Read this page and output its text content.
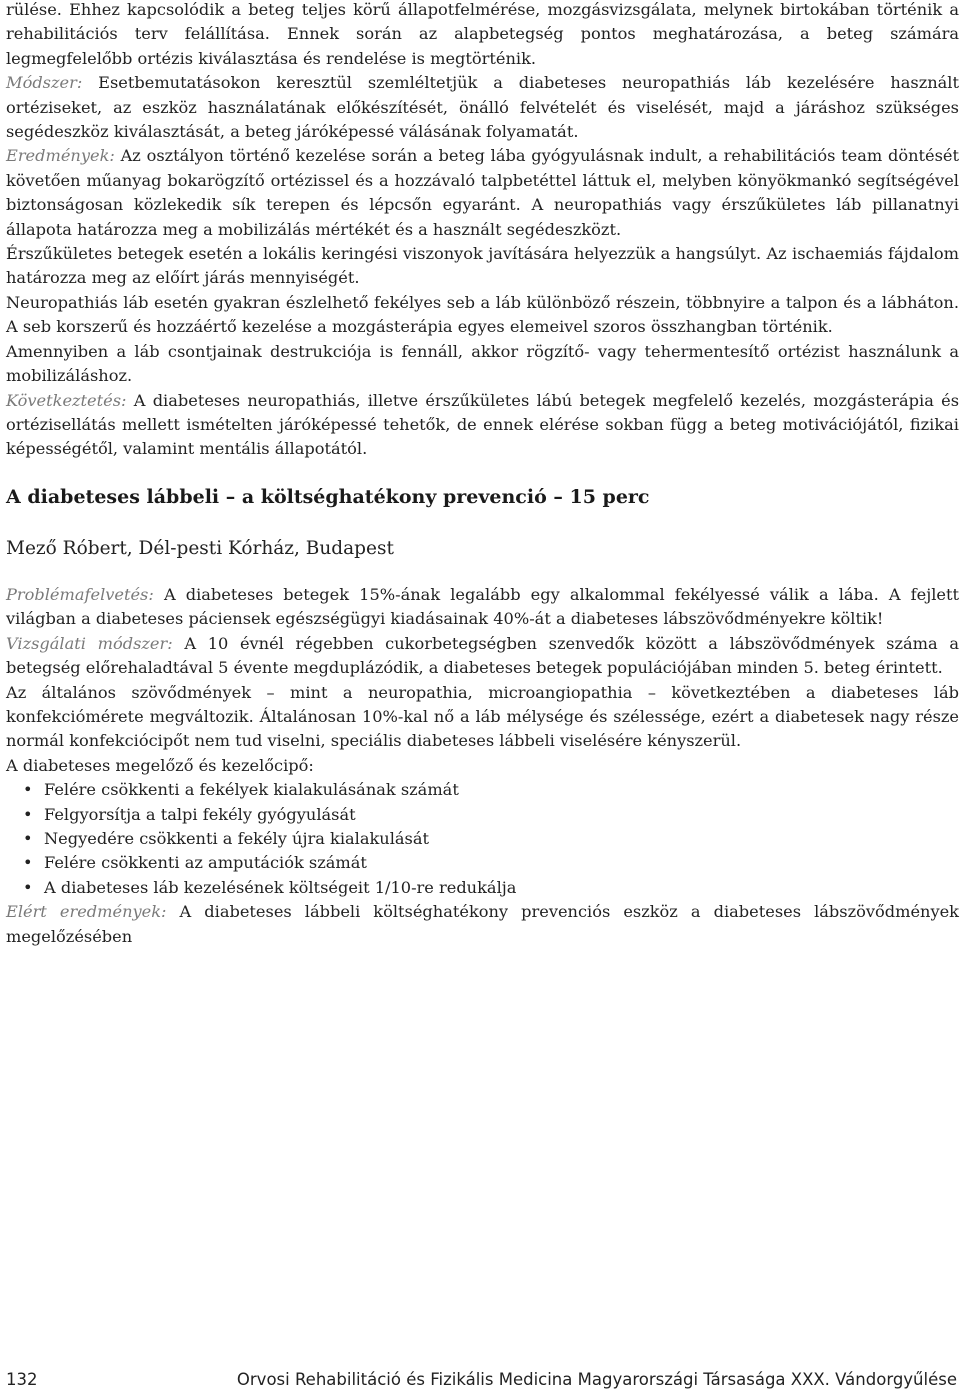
rülése. Ehhez kapcsolódik a beteg teljes körű állapotfelmérése, mozgásvizsgálata, melynek birtokában történik a rehabilitációs terv felállítása. Ennek során az alapbetegség pontos meghatározása, a beteg számára legmegfelelőbb ortézis kiválasztása és rendelése is megtörténik.

Módszer: Esetbemutatásokon keresztül szemléltetjük a diabeteses neuropathiás láb kezelésére használt ortéziseket, az eszköz használatának előkészítését, önálló felvételét és viselését, majd a járáshoz szükséges segédeszköz kiválasztását, a beteg járóképessé válásának folyamatát.

Eredmények: Az osztályon történő kezelése során a beteg lába gyógyulásnak indult, a rehabilitációs team döntését követően műanyag bokarögzítő ortézissel és a hozzávaló talpbetéttel láttuk el, melyben könyökmankó segítségével biztonságosan közlekedik sík terepen és lépcsőn egyaránt. A neuropathiás vagy érszűkületes láb pillanatnyi állapota határozza meg a mobilizálás mértékét és a használt segédeszközt.

Érszűkületes betegek esetén a lokális keringési viszonyok javítására helyezzük a hangsúlyt. Az ischaemiás fájdalom határozza meg az előírt járás mennyiségét.

Neuropathiás láb esetén gyakran észlelhető fekélyes seb a láb különböző részein, többnyire a talpon és a lábháton. A seb korszerű és hozzáértő kezelése a mozgásterápia egyes elemeivel szoros összhangban történik.

Amennyiben a láb csontjainak destrukciója is fennáll, akkor rögzítő- vagy tehermentesítő ortézist használunk a mobilizáláshoz.

Következtetés: A diabeteses neuropathiás, illetve érszűkületes lábú betegek megfelelő kezelés, mozgásterápia és ortézisellátás mellett ismételten járóképessé tehetők, de ennek elérése sokban függ a beteg motivációjától, fizikai képességétől, valamint mentális állapotától.

A diabeteses lábbeli – a költséghatékony prevenció – 15 perc

Mező Róbert, Dél-pesti Kórház, Budapest

Problémafelvetés: A diabeteses betegek 15%-ának legalább egy alkalommal fekélyessé válik a lába. A fejlett világban a diabeteses páciensek egészségügyi kiadásainak 40%-át a diabeteses lábszövődményekre költik!

Vizsgálati módszer: A 10 évnél régebben cukorbetegségben szenvedők között a lábszövődmények száma a betegség előrehaladtával 5 évente megduplázódik, a diabeteses betegek populációjában minden 5. beteg érintett.

Az általános szövődmények – mint a neuropathia, microangiopathia – következtében a diabeteses láb konfekciómérete megváltozik. Általánosan 10%-kal nő a láb mélysége és szélessége, ezért a diabetesek nagy része normál konfekciócipőt nem tud viselni, speciális diabeteses lábbeli viselésére kényszerül.

A diabeteses megelőző és kezelőcipő:

• Felére csökkenti a fekélyek kialakulásának számát
• Felgyorsítja a talpi fekély gyógyulását
• Negyedére csökkenti a fekély újra kialakulását
• Felére csökkenti az amputációk számát
• A diabeteses láb kezelésének költségeit 1/10-re redukálja

Elért eredmények: A diabeteses lábbeli költséghatékony prevenciós eszköz a diabeteses lábszövődmények megelőzésében

132	Orvosi Rehabilitáció és Fizikális Medicina Magyarországi Társasága XXX. Vándorgyűlése
